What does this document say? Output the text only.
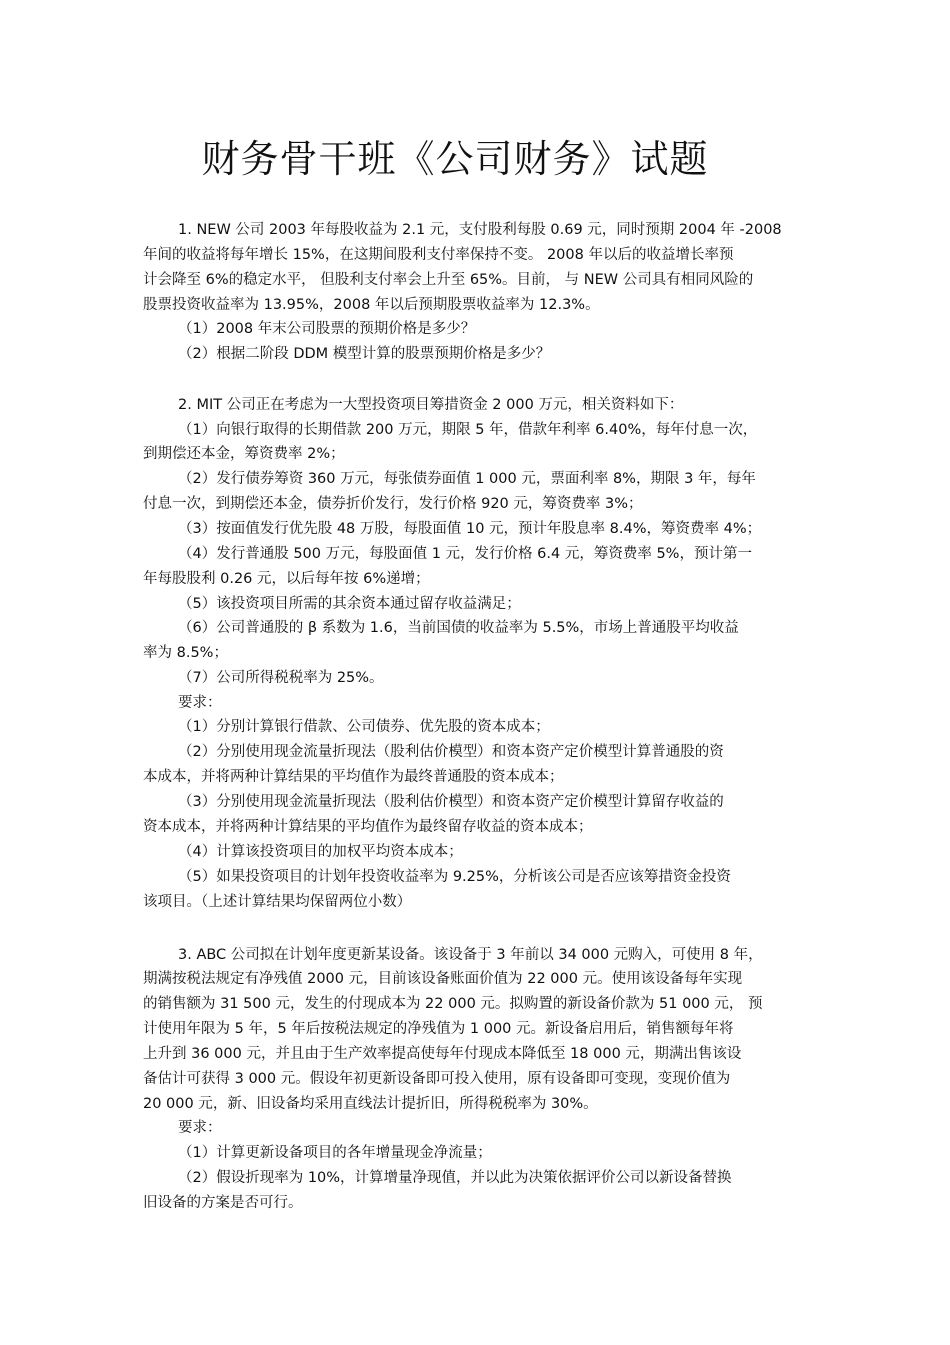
财务骨干班《公司财务》试题
1. NEW 公司 2003 年每股收益为 2.1 元，支付股利每股 0.69 元，同时预期 2004 年 -2008
年间的收益将每年增长 15%，在这期间股利支付率保持不变。 2008 年以后的收益增长率预
计会降至 6%的稳定水平， 但股利支付率会上升至 65%。目前， 与 NEW 公司具有相同风险的
股票投资收益率为 13.95%，2008 年以后预期股票收益率为 12.3%。
（1）2008 年末公司股票的预期价格是多少？
（2）根据二阶段 DDM 模型计算的股票预期价格是多少？
2. MIT 公司正在考虑为一大型投资项目筹措资金 2 000 万元，相关资料如下：
（1）向银行取得的长期借款 200 万元，期限 5 年，借款年利率 6.40%，每年付息一次，
到期偿还本金，筹资费率 2%；
（2）发行债券筹资 360 万元，每张债券面值 1 000 元，票面利率 8%，期限 3 年，每年
付息一次，到期偿还本金，债券折价发行，发行价格 920 元，筹资费率 3%；
（3）按面值发行优先股 48 万股，每股面值 10 元，预计年股息率 8.4%，筹资费率 4%；
（4）发行普通股 500 万元，每股面值 1 元，发行价格 6.4 元，筹资费率 5%，预计第一
年每股股利 0.26 元，以后每年按 6%递增；
（5）该投资项目所需的其余资本通过留存收益满足；
（6）公司普通股的 β 系数为 1.6，当前国债的收益率为 5.5%，市场上普通股平均收益
率为 8.5%；
（7）公司所得税税率为 25%。
要求：
（1）分别计算银行借款、公司债券、优先股的资本成本；
（2）分别使用现金流量折现法（股利估价模型）和资本资产定价模型计算普通股的资
本成本，并将两种计算结果的平均值作为最终普通股的资本成本；
（3）分别使用现金流量折现法（股利估价模型）和资本资产定价模型计算留存收益的
资本成本，并将两种计算结果的平均值作为最终留存收益的资本成本；
（4）计算该投资项目的加权平均资本成本；
（5）如果投资项目的计划年投资收益率为 9.25%，分析该公司是否应该筹措资金投资
该项目。（上述计算结果均保留两位小数）
3. ABC 公司拟在计划年度更新某设备。该设备于 3 年前以 34 000 元购入，可使用 8 年，
期满按税法规定有净残值 2000 元，目前该设备账面价值为 22 000 元。使用该设备每年实现
的销售额为 31 500 元，发生的付现成本为 22 000 元。拟购置的新设备价款为 51 000 元， 预
计使用年限为 5 年，5 年后按税法规定的净残值为 1 000 元。新设备启用后，销售额每年将
上升到 36 000 元，并且由于生产效率提高使每年付现成本降低至 18 000 元，期满出售该设
备估计可获得 3 000 元。假设年初更新设备即可投入使用，原有设备即可变现，变现价值为
20 000 元，新、旧设备均采用直线法计提折旧，所得税税率为 30%。
要求：
（1）计算更新设备项目的各年增量现金净流量；
（2）假设折现率为 10%，计算增量净现值，并以此为决策依据评价公司以新设备替换
旧设备的方案是否可行。
